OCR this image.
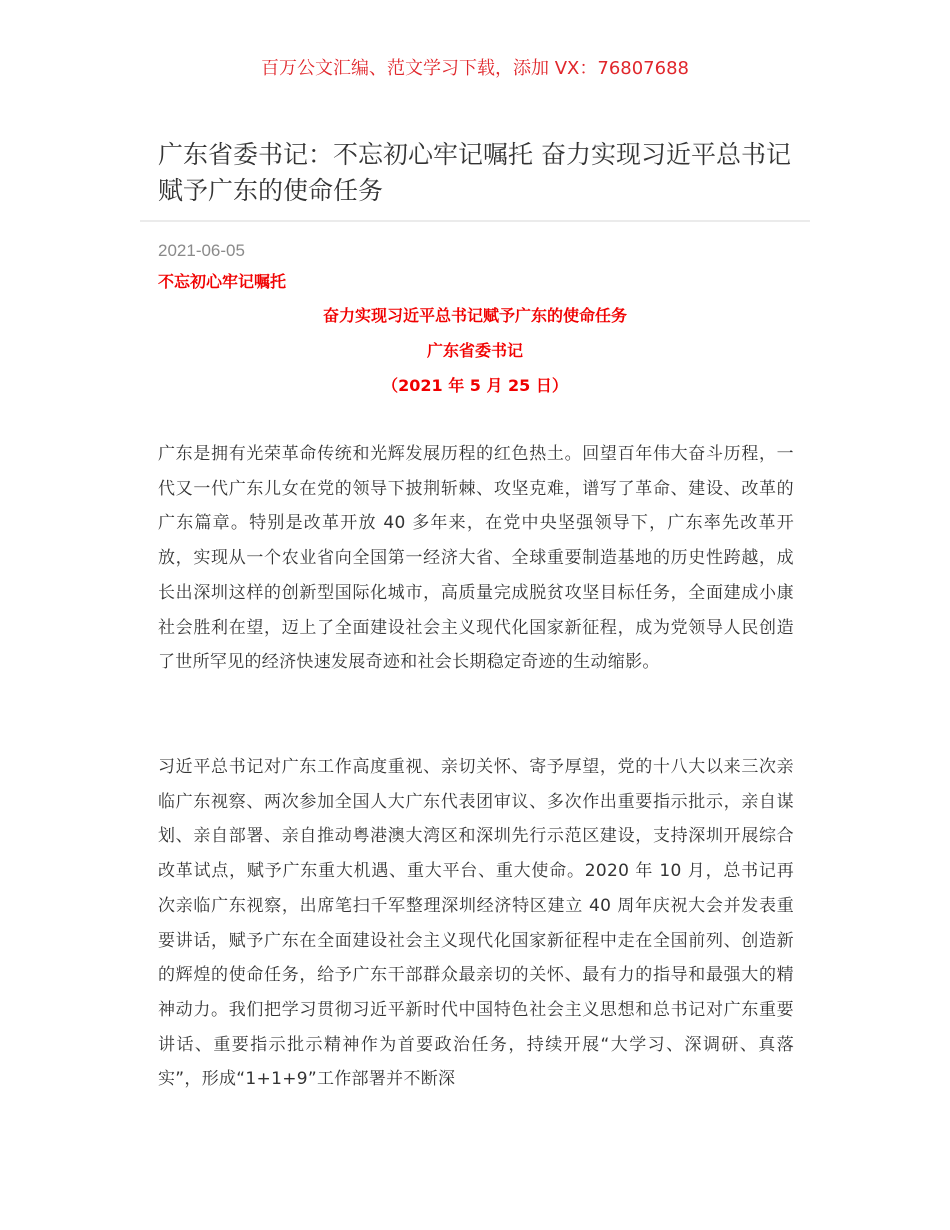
百万公文汇编、范文学习下载，添加 VX：76807688
广东省委书记：不忘初心牢记嘱托 奋力实现习近平总书记赋予广东的使命任务
2021-06-05
不忘初心牢记嘱托
奋力实现习近平总书记赋予广东的使命任务
广东省委书记
（2021 年 5 月 25 日）

广东是拥有光荣革命传统和光辉发展历程的红色热土。回望百年伟大奋斗历程，一代又一代广东儿女在党的领导下披荆斩棘、攻坚克难，谱写了革命、建设、改革的广东篇章。特别是改革开放 40 多年来，在党中央坚强领导下，广东率先改革开放，实现从一个农业省向全国第一经济大省、全球重要制造基地的历史性跨越，成长出深圳这样的创新型国际化城市，高质量完成脱贫攻坚目标任务，全面建成小康社会胜利在望，迈上了全面建设社会主义现代化国家新征程，成为党领导人民创造了世所罕见的经济快速发展奇迹和社会长期稳定奇迹的生动缩影。

习近平总书记对广东工作高度重视、亲切关怀、寄予厚望，党的十八大以来三次亲临广东视察、两次参加全国人大广东代表团审议、多次作出重要指示批示，亲自谋划、亲自部署、亲自推动粤港澳大湾区和深圳先行示范区建设，支持深圳开展综合改革试点，赋予广东重大机遇、重大平台、重大使命。2020 年 10 月，总书记再次亲临广东视察，出席笔扫千军整理深圳经济特区建立 40 周年庆祝大会并发表重要讲话，赋予广东在全面建设社会主义现代化国家新征程中走在全国前列、创造新的辉煌的使命任务，给予广东干部群众最亲切的关怀、最有力的指导和最强大的精神动力。我们把学习贯彻习近平新时代中国特色社会主义思想和总书记对广东重要讲话、重要指示批示精神作为首要政治任务，持续开展“大学习、深调研、真落实”，形成“1+1+9”工作部署并不断深
